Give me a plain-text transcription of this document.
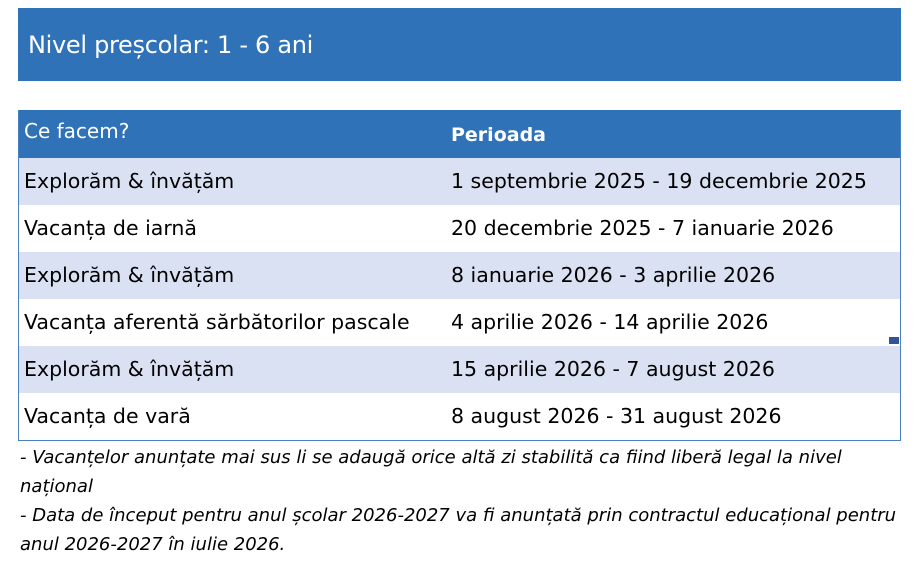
Nivel preșcolar: 1 - 6 ani
Ce facem?	Perioada
Explorăm & învățăm	1 septembrie 2025 - 19 decembrie 2025
Vacanța de iarnă	20 decembrie 2025 - 7 ianuarie 2026
Explorăm & învățăm	8 ianuarie 2026 - 3 aprilie 2026
Vacanța aferentă sărbătorilor pascale 4 aprilie 2026 - 14 aprilie 2026
Explorăm & învățăm	15 aprilie 2026 - 7 august 2026
Vacanța de vară	8 august 2026 - 31 august 2026
- Vacanțelor anunțate mai sus li se adaugă orice altă zi stabilită ca fiind liberă legal la nivel național
- Data de început pentru anul școlar 2026-2027 va fi anunțată prin contractul educațional pentru anul 2026-2027 în iulie 2026.
